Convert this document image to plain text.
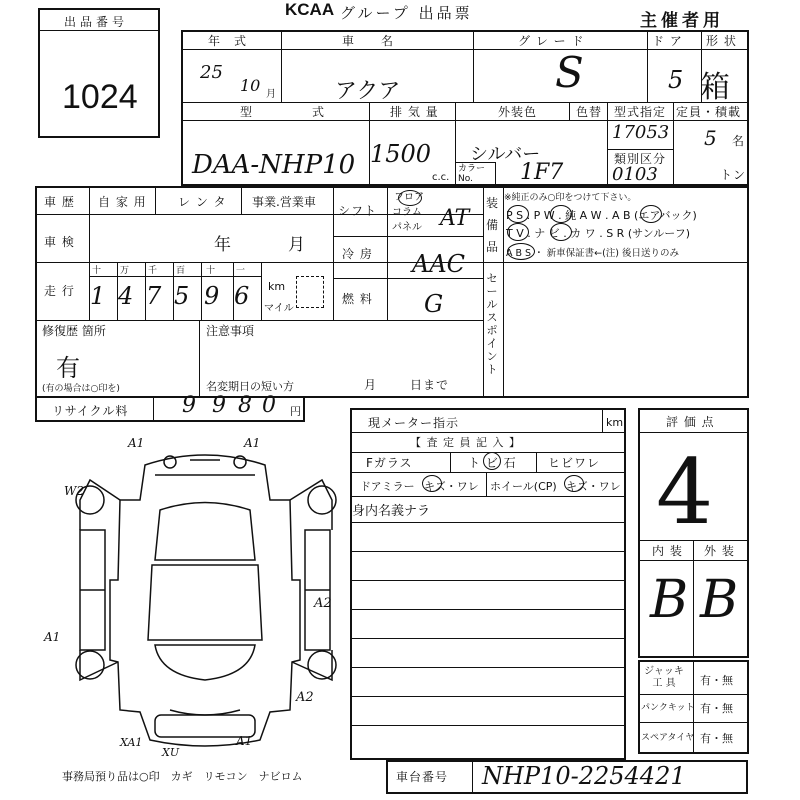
出品番号
1024
KCAA グループ 出品票	主催者用
年　式
25
10 月
車　　名
アクア
グ レ ー ド
S
ド ア
5
形 状
箱
型　　　式
DAA-NHP10
排 気 量
1500
c.c.
外装色	色替
シルバー
カラー No.	1F7
型式指定
17053
類別区分
0103
定員・積載
5 名
トン
車 歴 自 家 用	レ ン タ 事業.営業車
車 検	年	月
走 行
十 万 千 百 十 一
1 4 7 5 9 6 km
マイル
シフト
フロア
コラム
パネル AT
冷 房 AAC
燃 料 G
装備品
※純正のみ○印をつけて下さい。
P S . P W . 純 A W . A B (エアバック)
T V . ナ ビ . カ ワ . S R (サンルーフ)
A B S ・ 新車保証書←(注) 後日送りのみ
セールスポイント
修復歴 箇所
有
(有の場合は○印を)
注意事項
名変期日の短い方	月	日まで
リサイクル料 9 9 8 0 円
現メーター指示	km
【 査 定 員 記 入 】
Fガラス	ト ビ 石	ヒビワレ
ドアミラー キズ・ワレ ホイール(CP) キズ・ワレ
身内名義ナラ
評 価 点
4
内 装 外 装
B B
ジャッキ 工 具	有・無
パンクキット 有・無
スペアタイヤ 有・無
A1	A1
W2
A2
A1
A2
A1
XA1
XU
事務局預り品は○印　カギ　リモコン　ナビロム	車台番号 NHP10-2254421
